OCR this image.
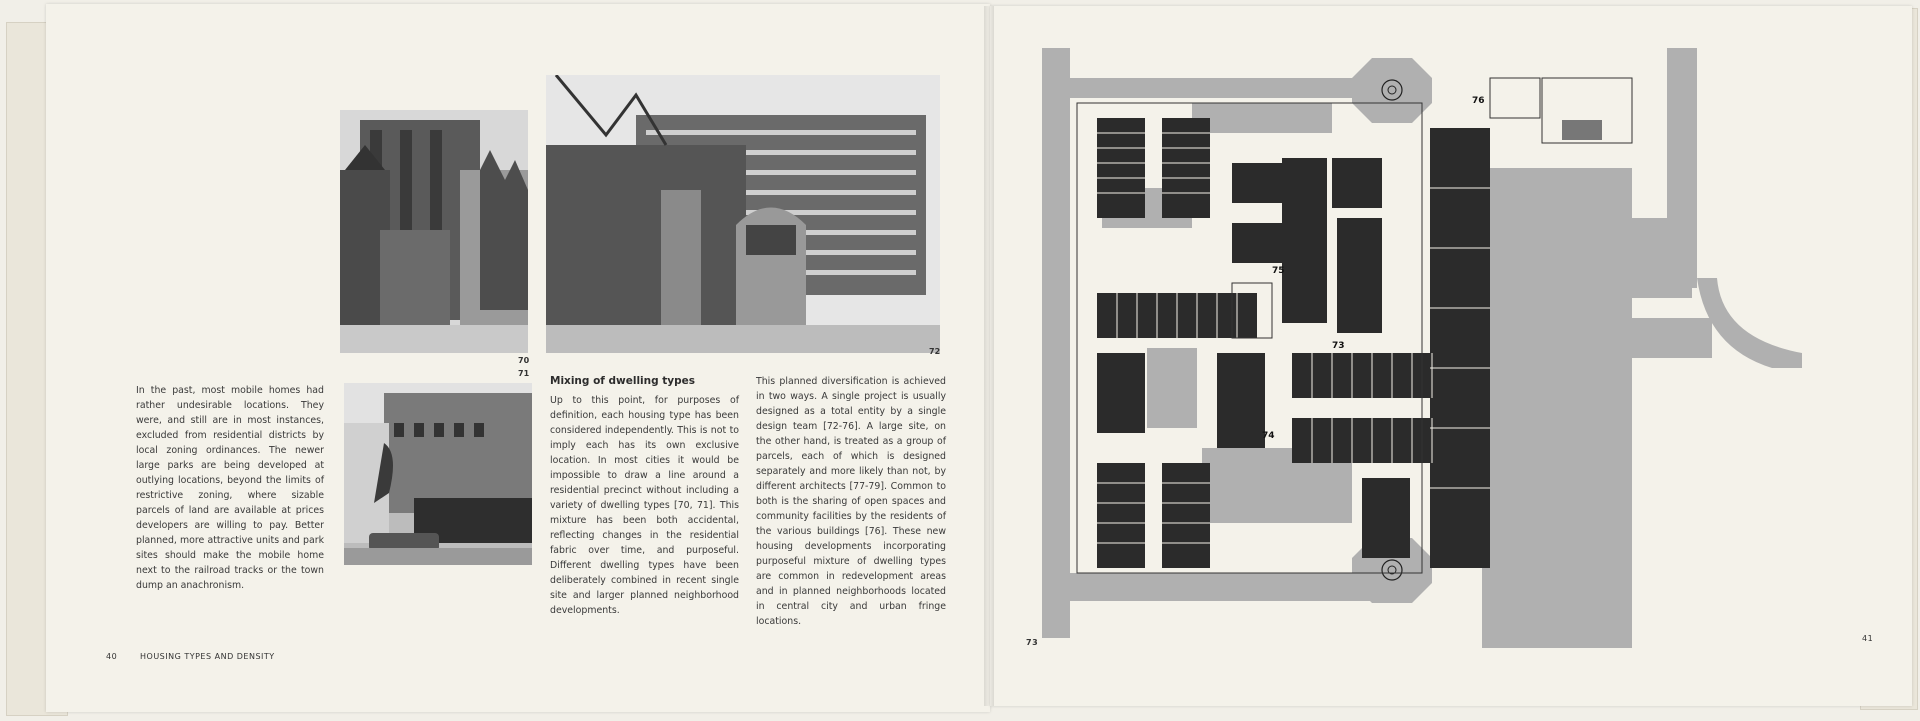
70
71
72

In the past, most mobile homes had rather undesirable locations. They were, and still are in most instances, excluded from residential districts by local zoning ordinances. The newer large parks are being developed at outlying locations, beyond the limits of restrictive zoning, where sizable parcels of land are available at prices developers are willing to pay. Better planned, more attractive units and park sites should make the mobile home next to the railroad tracks or the town dump an anachronism.

Mixing of dwelling types

Up to this point, for purposes of definition, each housing type has been considered independently. This is not to imply each has its own exclusive location. In most cities it would be impossible to draw a line around a residential precinct without including a variety of dwelling types [70, 71]. This mixture has been both accidental, reflecting changes in the residential fabric over time, and purposeful. Different dwelling types have been deliberately combined in recent single site and larger planned neighborhood developments.

This planned diversification is achieved in two ways. A single project is usually designed as a total entity by a single design team [72-76]. A large site, on the other hand, is treated as a group of parcels, each of which is designed separately and more likely than not, by different architects [77-79]. Common to both is the sharing of open spaces and community facilities by the residents of the various buildings [76]. These new housing developments incorporating purposeful mixture of dwelling types are common in redevelopment areas and in planned neighborhoods located in central city and urban fringe locations.

40	HOUSING TYPES AND DENSITY
76
75
73
74
73	41
